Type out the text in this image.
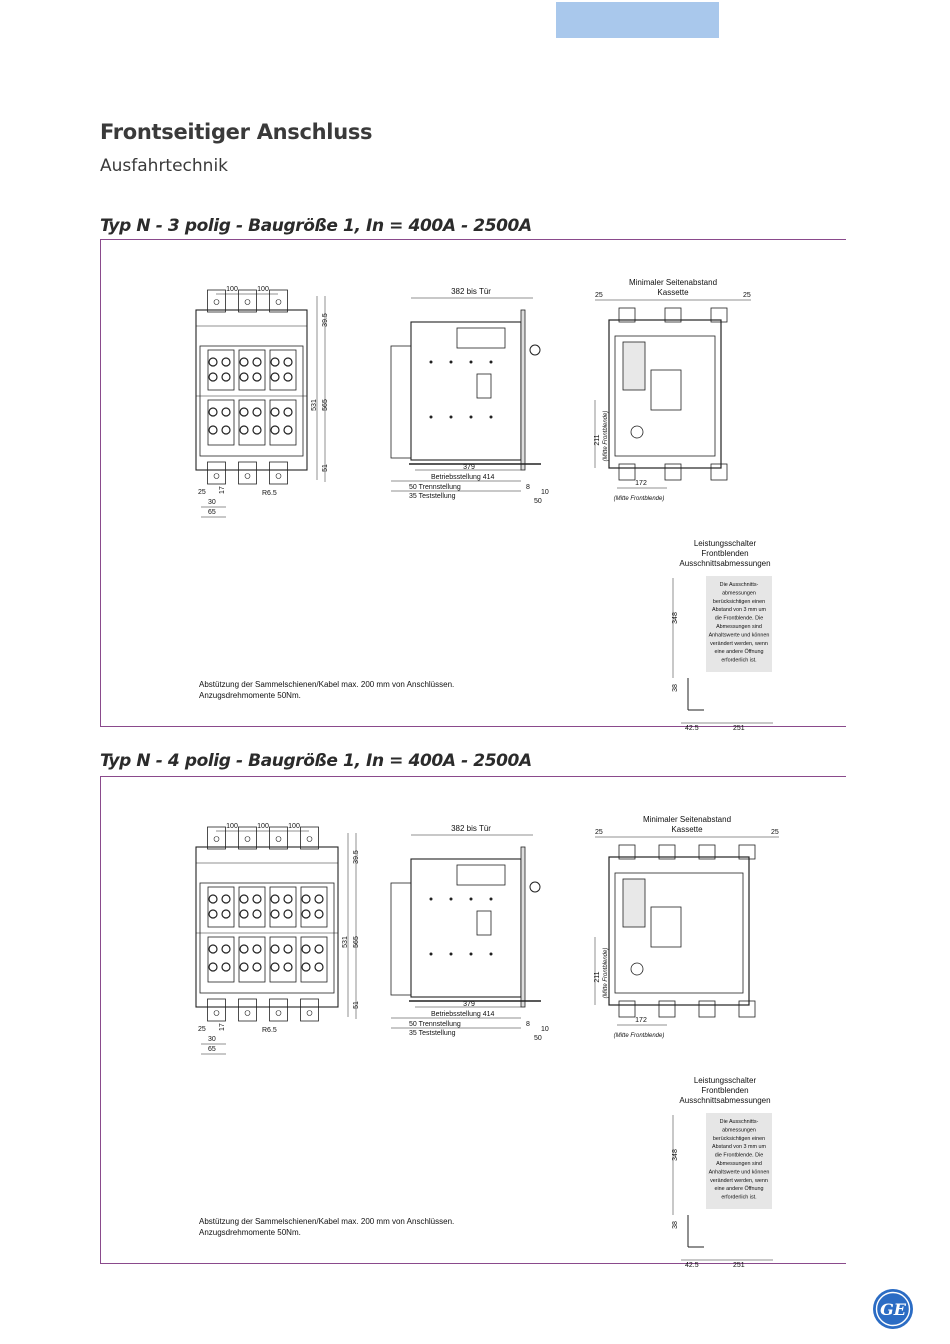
Frontseitiger Anschluss
Ausfahrtechnik
Typ N - 3 polig - Baugröße 1, In = 400A - 2500A
100	100
39.5
531 565
51
25 17	R6.5
30
65
382 bis Tür
379
Betriebsstellung 414
50 Trennstellung
35 Teststellung
8
10
50
Minimaler Seitenabstand
Kassette
25	25
211 (Mitte Frontblende)
172
(Mitte Frontblende)
Leistungsschalter
Frontblenden
Ausschnittsabmessungen
Die Ausschnitts-
abmessungen
berücksichtigen einen
Abstand von 3 mm um
die Frontblende. Die
Abmessungen sind
Anhaltswerte und können
verändert werden, wenn
eine andere Öffnung
erforderlich ist.
348
38
42.5	251
Abstützung der Sammelschienen/Kabel max. 200 mm von Anschlüssen.
Anzugsdrehmomente 50Nm.
Typ N - 4 polig - Baugröße 1, In = 400A - 2500A
100	100	100
39.5
531 565
51
25 17	R6.5
30
65
382 bis Tür
379
Betriebsstellung 414
50 Trennstellung
35 Teststellung
8
10
50
Minimaler Seitenabstand
Kassette
25	25
211 (Mitte Frontblende)
172
(Mitte Frontblende)
Leistungsschalter
Frontblenden
Ausschnittsabmessungen
Die Ausschnitts-
abmessungen
berücksichtigen einen
Abstand von 3 mm um
die Frontblende. Die
Abmessungen sind
Anhaltswerte und können
verändert werden, wenn
eine andere Öffnung
erforderlich ist.
348
38
42.5	251
Abstützung der Sammelschienen/Kabel max. 200 mm von Anschlüssen.
Anzugsdrehmomente 50Nm.
GE
